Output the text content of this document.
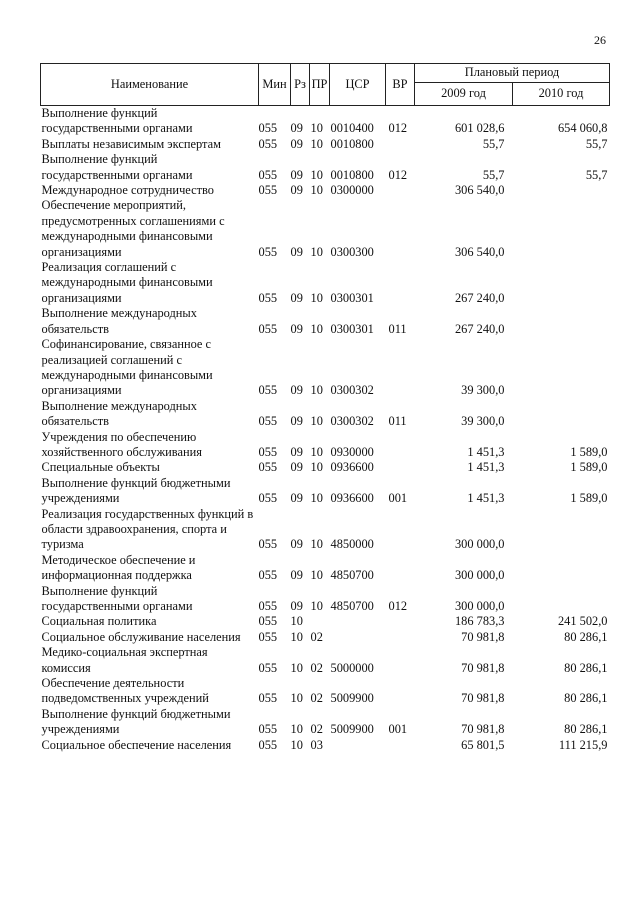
26
Наименование	Мин	Рз	ПР	ЦСР	ВР	Плановый период	
						2009 год	2010 год
Выполнение функций государственными органами	055	09	10	0010400	012	601 028,6	654 060,8
Выплаты независимым экспертам	055	09	10	0010800		55,7	55,7
Выполнение функций государственными органами	055	09	10	0010800	012	55,7	55,7
Международное сотрудничество	055	09	10	0300000		306 540,0	
Обеспечение мероприятий, предусмотренных соглашениями с международными финансовыми организациями	055	09	10	0300300		306 540,0	
Реализация соглашений с международными финансовыми организациями	055	09	10	0300301		267 240,0	
Выполнение международных обязательств	055	09	10	0300301	011	267 240,0	
Софинансирование, связанное с реализацией соглашений с международными финансовыми организациями	055	09	10	0300302		39 300,0	
Выполнение международных обязательств	055	09	10	0300302	011	39 300,0	
Учреждения по обеспечению хозяйственного обслуживания	055	09	10	0930000		1 451,3	1 589,0
Специальные объекты	055	09	10	0936600		1 451,3	1 589,0
Выполнение функций бюджетными учреждениями	055	09	10	0936600	001	1 451,3	1 589,0
Реализация государственных функций в области здравоохранения, спорта и туризма	055	09	10	4850000		300 000,0	
Методическое обеспечение и информационная поддержка	055	09	10	4850700		300 000,0	
Выполнение функций государственными органами	055	09	10	4850700	012	300 000,0	
Социальная политика	055	10				186 783,3	241 502,0
Социальное обслуживание населения	055	10	02			70 981,8	80 286,1
Медико-социальная экспертная комиссия	055	10	02	5000000		70 981,8	80 286,1
Обеспечение деятельности подведомственных учреждений	055	10	02	5009900		70 981,8	80 286,1
Выполнение функций бюджетными учреждениями	055	10	02	5009900	001	70 981,8	80 286,1
Социальное обеспечение населения	055	10	03			65 801,5	111 215,9
